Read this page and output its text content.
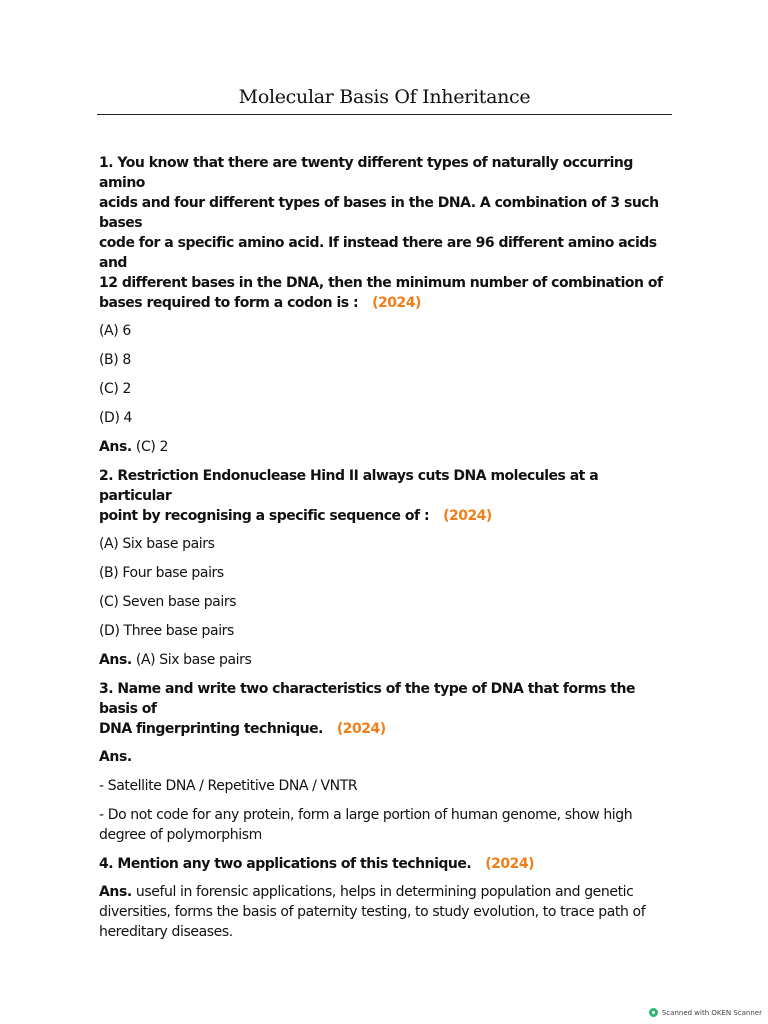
Molecular Basis Of Inheritance
1. You know that there are twenty different types of naturally occurring amino
acids and four different types of bases in the DNA. A combination of 3 such bases
code for a specific amino acid. If instead there are 96 different amino acids and
12 different bases in the DNA, then the minimum number of combination of
bases required to form a codon is : (2024)
(A) 6
(B) 8
(C) 2
(D) 4
Ans. (C) 2
2. Restriction Endonuclease Hind II always cuts DNA molecules at a particular
point by recognising a specific sequence of : (2024)
(A) Six base pairs
(B) Four base pairs
(C) Seven base pairs
(D) Three base pairs
Ans. (A) Six base pairs
3. Name and write two characteristics of the type of DNA that forms the basis of
DNA fingerprinting technique. (2024)
Ans.
- Satellite DNA / Repetitive DNA / VNTR
- Do not code for any protein, form a large portion of human genome, show high
degree of polymorphism
4. Mention any two applications of this technique. (2024)
Ans. useful in forensic applications, helps in determining population and genetic
diversities, forms the basis of paternity testing, to study evolution, to trace path of
hereditary diseases.
Scanned with OKEN Scanner
